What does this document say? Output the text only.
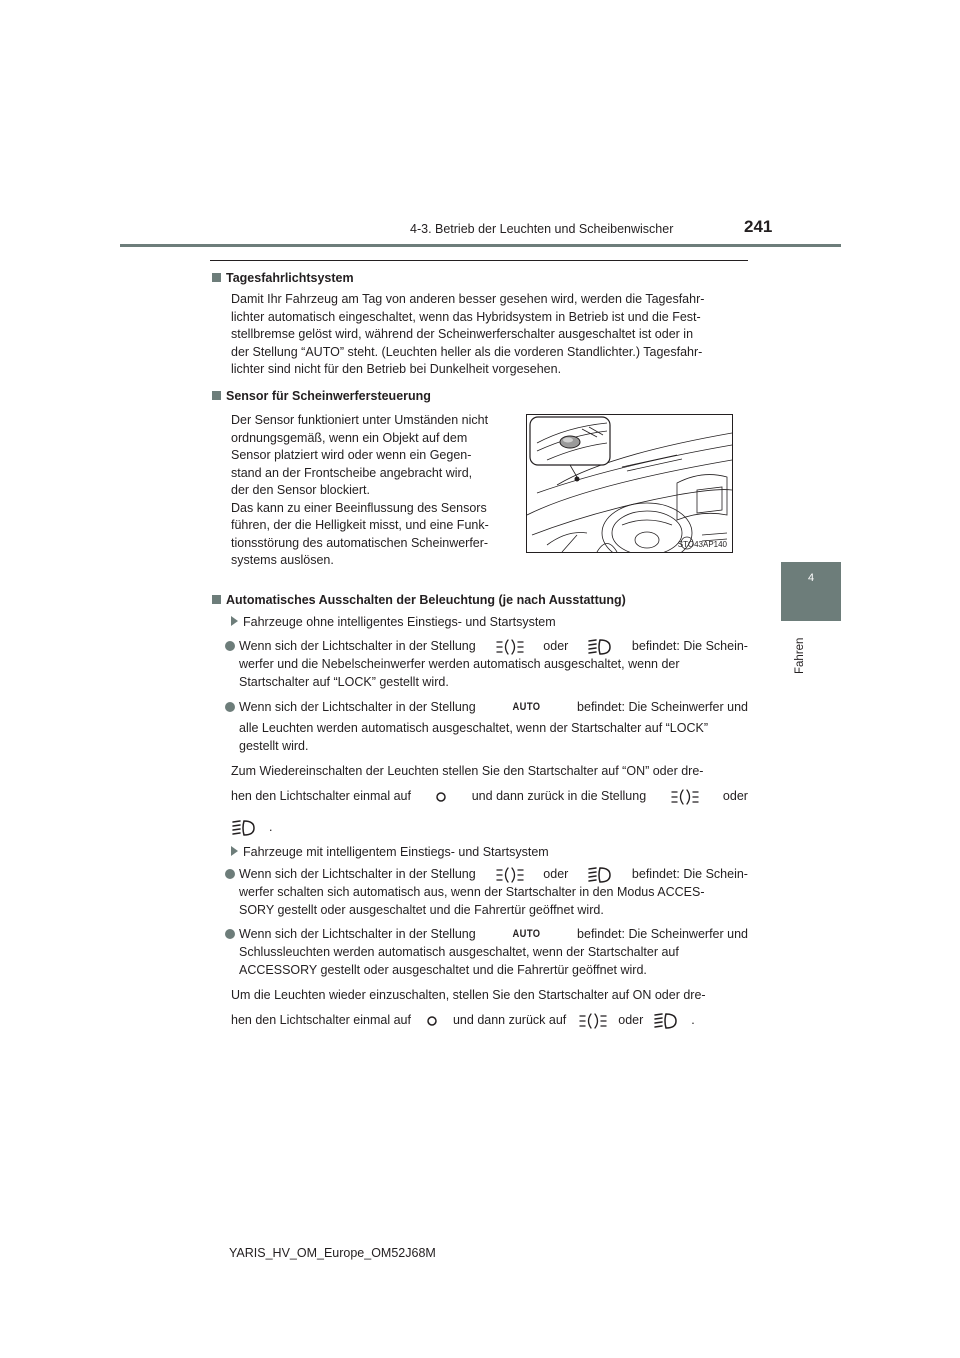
4-3. Betrieb der Leuchten und Scheibenwischer	241
4
Fahren
Tagesfahrlichtsystem
Damit Ihr Fahrzeug am Tag von anderen besser gesehen wird, werden die Tagesfahr-
lichter automatisch eingeschaltet, wenn das Hybridsystem in Betrieb ist und die Fest-
stellbremse gelöst wird, während der Scheinwerferschalter ausgeschaltet ist oder in
der Stellung “AUTO” steht. (Leuchten heller als die vorderen Standlichter.) Tagesfahr-
lichter sind nicht für den Betrieb bei Dunkelheit vorgesehen.
Sensor für Scheinwerfersteuerung
Der Sensor funktioniert unter Umständen nicht
ordnungsgemäß, wenn ein Objekt auf dem
Sensor platziert wird oder wenn ein Gegen-
stand an der Frontscheibe angebracht wird,
der den Sensor blockiert.
Das kann zu einer Beeinflussung des Sensors
führen, der die Helligkeit misst, und eine Funk-
tionsstörung des automatischen Scheinwerfer-
systems auslösen.
STO43AP140
Automatisches Ausschalten der Beleuchtung (je nach Ausstattung)
Fahrzeuge ohne intelligentes Einstiegs- und Startsystem
Wenn sich der Lichtschalter in der Stellung	oder	befindet: Die Schein-
werfer und die Nebelscheinwerfer werden automatisch ausgeschaltet, wenn der
Startschalter auf “LOCK” gestellt wird.
Wenn sich der Lichtschalter in der Stellung	AUTO	befindet: Die Scheinwerfer und
alle Leuchten werden automatisch ausgeschaltet, wenn der Startschalter auf “LOCK”
gestellt wird.
Zum Wiedereinschalten der Leuchten stellen Sie den Startschalter auf “ON” oder dre-
hen den Lichtschalter einmal auf	und dann zurück in die Stellung	oder
.
Fahrzeuge mit intelligentem Einstiegs- und Startsystem
Wenn sich der Lichtschalter in der Stellung	oder	befindet: Die Schein-
werfer schalten sich automatisch aus, wenn der Startschalter in den Modus ACCES-
SORY gestellt oder ausgeschaltet und die Fahrertür geöffnet wird.
Wenn sich der Lichtschalter in der Stellung	AUTO	befindet: Die Scheinwerfer und
Schlussleuchten werden automatisch ausgeschaltet, wenn der Startschalter auf
ACCESSORY gestellt oder ausgeschaltet und die Fahrertür geöffnet wird.
Um die Leuchten wieder einzuschalten, stellen Sie den Startschalter auf ON oder dre-
hen den Lichtschalter einmal auf	und dann zurück auf	oder	.
YARIS_HV_OM_Europe_OM52J68M
